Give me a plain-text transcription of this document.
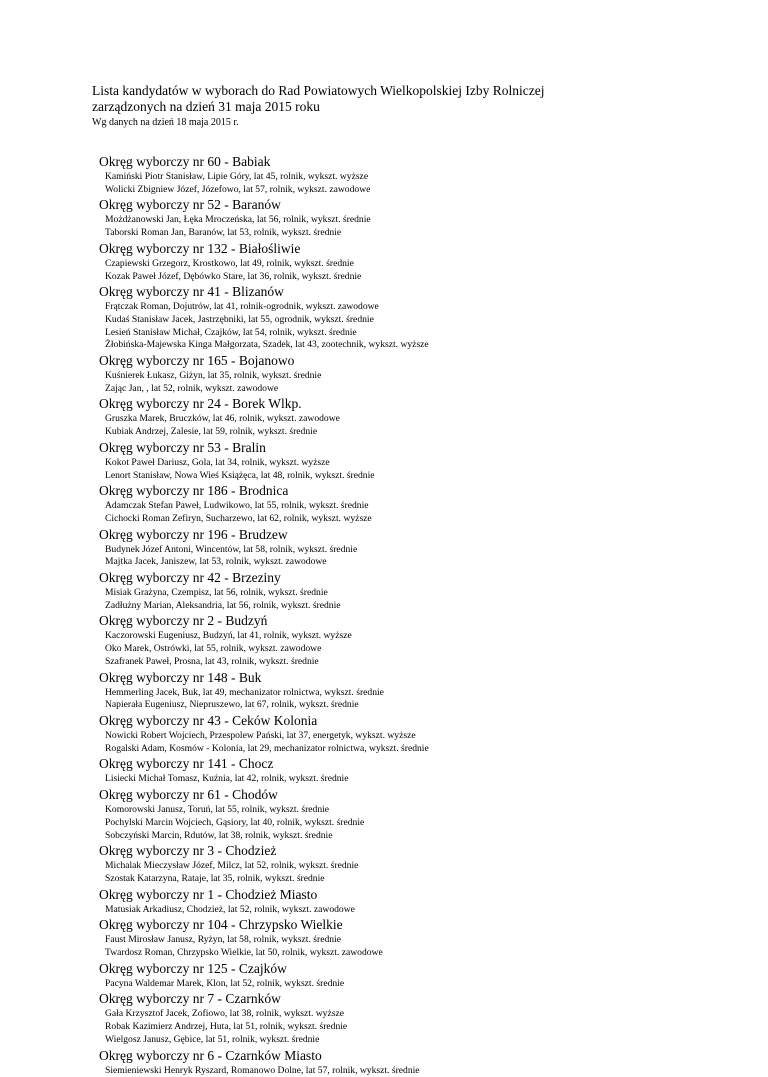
Lista kandydatów w wyborach do Rad Powiatowych Wielkopolskiej Izby Rolniczej
zarządzonych na dzień 31 maja 2015 roku
Wg danych na dzień 18 maja 2015 r.
Okręg wyborczy nr 60 - Babiak
Kamiński Piotr Stanisław, Lipie Góry, lat 45, rolnik, wykszt. wyższe
Wolicki Zbigniew Józef, Józefowo, lat 57, rolnik, wykszt. zawodowe
Okręg wyborczy nr 52 - Baranów
Możdżanowski Jan, Łęka Mroczeńska, lat 56, rolnik, wykszt. średnie
Taborski Roman Jan, Baranów, lat 53, rolnik, wykszt. średnie
Okręg wyborczy nr 132 - Białośliwie
Czapiewski Grzegorz, Krostkowo, lat 49, rolnik, wykszt. średnie
Kozak Paweł Józef, Dębówko Stare, lat 36, rolnik, wykszt. średnie
Okręg wyborczy nr 41 - Blizanów
Frątczak Roman, Dojutrów, lat 41, rolnik-ogrodnik, wykszt. zawodowe
Kudaś Stanisław Jacek, Jastrzębniki, lat 55, ogrodnik, wykszt. średnie
Lesień Stanisław Michał, Czajków, lat 54, rolnik, wykszt. średnie
Żłobińska-Majewska Kinga Małgorzata, Szadek, lat 43, zootechnik, wykszt. wyższe
Okręg wyborczy nr 165 - Bojanowo
Kuśnierek Łukasz, Giżyn, lat 35, rolnik, wykszt. średnie
Zając Jan, , lat 52, rolnik, wykszt. zawodowe
Okręg wyborczy nr 24 - Borek Wlkp.
Gruszka Marek, Bruczków, lat 46, rolnik, wykszt. zawodowe
Kubiak Andrzej, Zalesie, lat 59, rolnik, wykszt. średnie
Okręg wyborczy nr 53 - Bralin
Kokot Paweł Dariusz, Gola, lat 34, rolnik, wykszt. wyższe
Lenort Stanisław, Nowa Wieś Książęca, lat 48, rolnik, wykszt. średnie
Okręg wyborczy nr 186 - Brodnica
Adamczak Stefan Paweł, Ludwikowo, lat 55, rolnik, wykszt. średnie
Cichocki Roman Zefiryn, Sucharzewo, lat 62, rolnik, wykszt. wyższe
Okręg wyborczy nr 196 - Brudzew
Budynek Józef Antoni, Wincentów, lat 58, rolnik, wykszt. średnie
Majtka Jacek, Janiszew, lat 53, rolnik, wykszt. zawodowe
Okręg wyborczy nr 42 - Brzeziny
Misiak Grażyna, Czempisz, lat 56, rolnik, wykszt. średnie
Zadłużny Marian, Aleksandria, lat 56, rolnik, wykszt. średnie
Okręg wyborczy nr 2 - Budzyń
Kaczorowski Eugeniusz, Budzyń, lat 41, rolnik, wykszt. wyższe
Oko Marek, Ostrówki, lat 55, rolnik, wykszt. zawodowe
Szafranek Paweł, Prosna, lat 43, rolnik, wykszt. średnie
Okręg wyborczy nr 148 - Buk
Hemmerling Jacek, Buk, lat 49, mechanizator rolnictwa, wykszt. średnie
Napierała Eugeniusz, Niepruszewo, lat 67, rolnik, wykszt. średnie
Okręg wyborczy nr 43 - Ceków Kolonia
Nowicki Robert Wojciech, Przespolew Pański, lat 37, energetyk, wykszt. wyższe
Rogalski Adam, Kosmów - Kolonia, lat 29, mechanizator rolnictwa, wykszt. średnie
Okręg wyborczy nr 141 - Chocz
Lisiecki Michał Tomasz, Kuźnia, lat 42, rolnik, wykszt. średnie
Okręg wyborczy nr 61 - Chodów
Komorowski Janusz, Toruń, lat 55, rolnik, wykszt. średnie
Pochylski Marcin Wojciech, Gąsiory, lat 40, rolnik, wykszt. średnie
Sobczyński Marcin, Rdutów, lat 38, rolnik, wykszt. średnie
Okręg wyborczy nr 3 - Chodzież
Michalak Mieczysław Józef, Milcz, lat 52, rolnik, wykszt. średnie
Szostak Katarzyna, Rataje, lat 35, rolnik, wykszt. średnie
Okręg wyborczy nr 1 - Chodzież Miasto
Matusiak Arkadiusz, Chodzież, lat 52, rolnik, wykszt. zawodowe
Okręg wyborczy nr 104 - Chrzypsko Wielkie
Faust Mirosław Janusz, Ryżyn, lat 58, rolnik, wykszt. średnie
Twardosz Roman, Chrzypsko Wielkie, lat 50, rolnik, wykszt. zawodowe
Okręg wyborczy nr 125 - Czajków
Pacyna Waldemar Marek, Klon, lat 52, rolnik, wykszt. średnie
Okręg wyborczy nr 7 - Czarnków
Gała Krzysztof Jacek, Zofiowo, lat 38, rolnik, wykszt. wyższe
Robak Kazimierz Andrzej, Huta, lat 51, rolnik, wykszt. średnie
Wielgosz Janusz, Gębice, lat 51, rolnik, wykszt. średnie
Okręg wyborczy nr 6 - Czarnków Miasto
Siemieniewski Henryk Ryszard, Romanowo Dolne, lat 57, rolnik, wykszt. średnie
